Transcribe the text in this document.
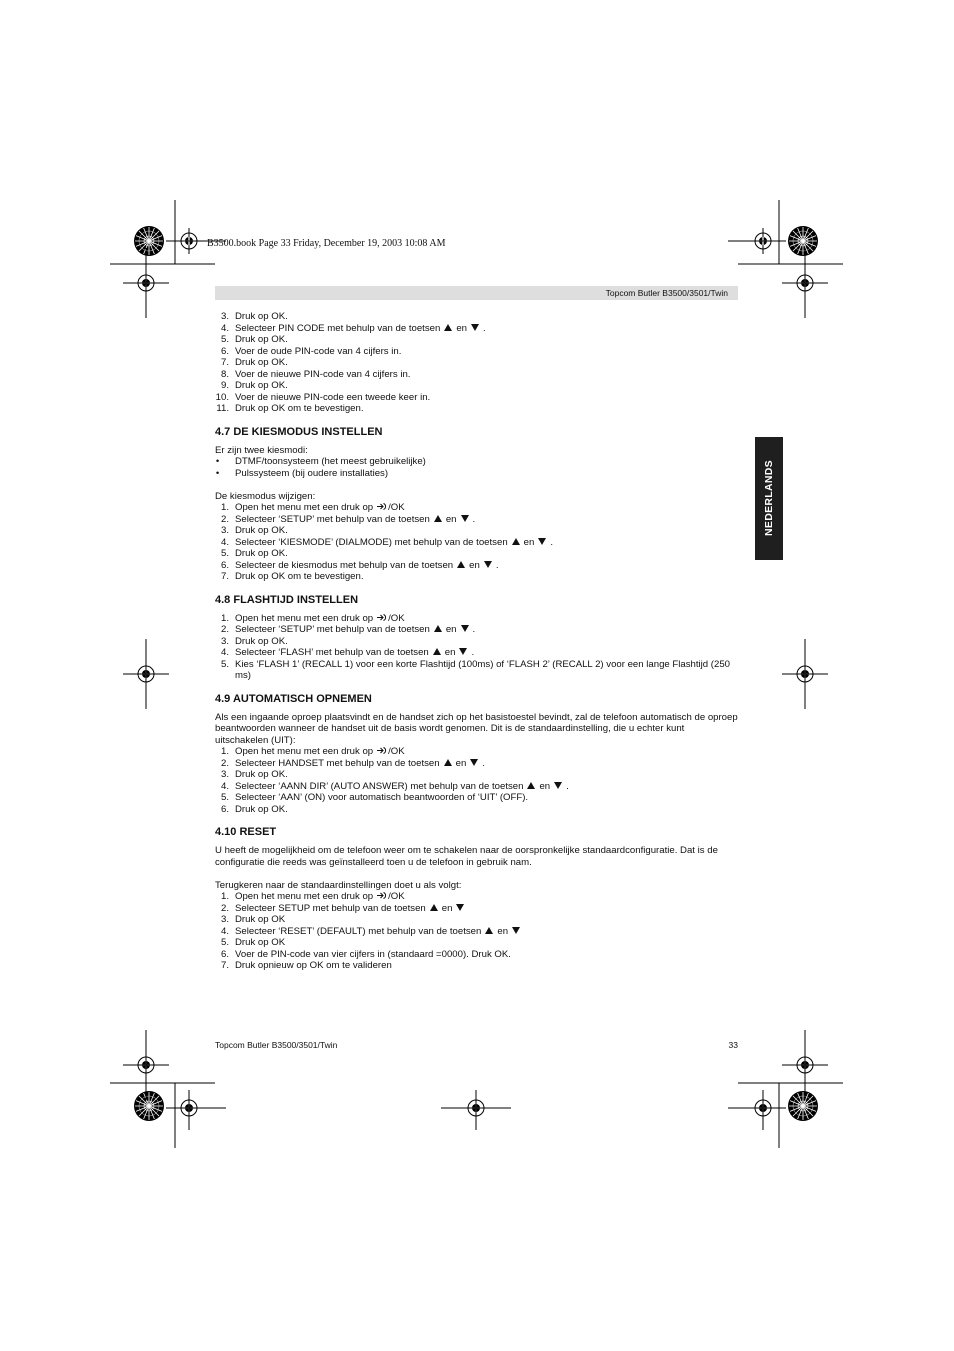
B3500.book Page 33 Friday, December 19, 2003 10:08 AM
Topcom Butler B3500/3501/Twin
NEDERLANDS
3. Druk op OK.
4. Selecteer PIN CODE met behulp van de toetsen en .
5. Druk op OK.
6. Voer de oude PIN-code van 4 cijfers in.
7. Druk op OK.
8. Voer de nieuwe PIN-code van 4 cijfers in.
9. Druk op OK.
10. Voer de nieuwe PIN-code een tweede keer in.
11. Druk op OK om te bevestigen.
4.7 DE KIESMODUS INSTELLEN

Er zijn twee kiesmodi:

• DTMF/toonsysteem (het meest gebruikelijke)
• Pulssysteem (bij oudere installaties)

De kiesmodus wijzigen:

1. Open het menu met een druk op /OK
2. Selecteer ‘SETUP’ met behulp van de toetsen en .
3. Druk op OK.
4. Selecteer ‘KIESMODE’ (DIALMODE) met behulp van de toetsen en .
5. Druk op OK.
6. Selecteer de kiesmodus met behulp van de toetsen en .
7. Druk op OK om te bevestigen.
4.8 FLASHTIJD INSTELLEN
1. Open het menu met een druk op /OK
2. Selecteer ‘SETUP’ met behulp van de toetsen en .
3. Druk op OK.
4. Selecteer ‘FLASH’ met behulp van de toetsen en .
5. Kies ‘FLASH 1’ (RECALL 1) voor een korte Flashtijd (100ms) of ‘FLASH 2’ (RECALL 2) voor een lange Flashtijd (250 ms)
4.9 AUTOMATISCH OPNEMEN

Als een ingaande oproep plaatsvindt en de handset zich op het basistoestel bevindt, zal de telefoon automatisch de oproep beantwoorden wanneer de handset uit de basis wordt genomen. Dit is de standaardinstelling, die u echter kunt uitschakelen (UIT):

1. Open het menu met een druk op /OK
2. Selecteer HANDSET met behulp van de toetsen en .
3. Druk op OK.
4. Selecteer ‘AANN DIR’ (AUTO ANSWER) met behulp van de toetsen en .
5. Selecteer ‘AAN’ (ON) voor automatisch beantwoorden of ‘UIT’ (OFF).
6. Druk op OK.
4.10 RESET

U heeft de mogelijkheid om de telefoon weer om te schakelen naar de oorspronkelijke standaardconfiguratie. Dat is de configuratie die reeds was geïnstalleerd toen u de telefoon in gebruik nam.

Terugkeren naar de standaardinstellingen doet u als volgt:

1. Open het menu met een druk op /OK
2. Selecteer SETUP met behulp van de toetsen en
3. Druk op OK
4. Selecteer ‘RESET’ (DEFAULT) met behulp van de toetsen en
5. Druk op OK
6. Voer de PIN-code van vier cijfers in (standaard =0000). Druk OK.
7. Druk opnieuw op OK om te valideren
Topcom Butler B3500/3501/Twin	33
